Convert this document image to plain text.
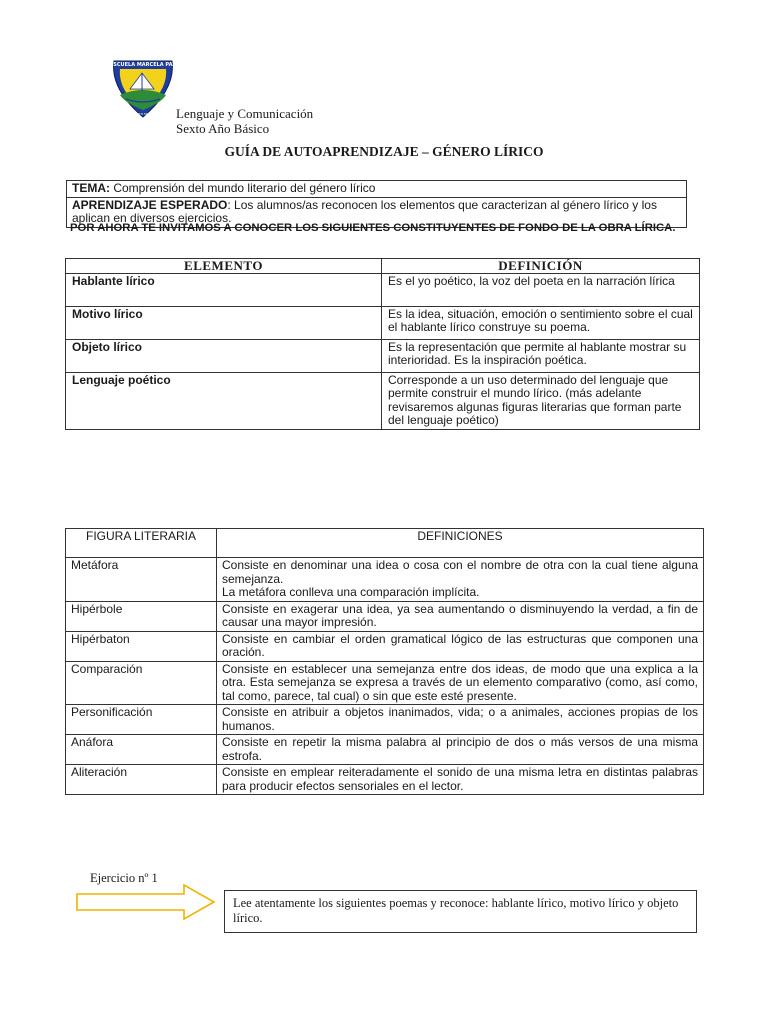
ESCUELA MARCELA PAZ
PUERTO MONTT Lenguaje y Comunicación
Sexto Año Básico
GUÍA DE AUTOAPRENDIZAJE – GÉNERO LÍRICO
TEMA: Comprensión del mundo literario del género lírico
APRENDIZAJE ESPERADO: Los alumnos/as reconocen los elementos que caracterizan al género lírico y los aplican en diversos ejercicios.
POR AHORA TE INVITAMOS A CONOCER LOS SIGUIENTES CONSTITUYENTES DE FONDO DE LA OBRA LÍRICA.
ELEMENTO	DEFINICIÓN
Hablante lírico	Es el yo poético, la voz del poeta en la narración lírica
Motivo lírico	Es la idea, situación, emoción o sentimiento sobre el cual el hablante lírico construye su poema.
Objeto lírico	Es la representación que permite al hablante mostrar su interioridad. Es la inspiración poética.
Lenguaje poético	Corresponde a un uso determinado del lenguaje que permite construir el mundo lírico. (más adelante revisaremos algunas figuras literarias que forman parte del lenguaje poético)
FIGURA LITERARIA	DEFINICIONES
Metáfora	Consiste en denominar una idea o cosa con el nombre de otra con la cual tiene alguna semejanza.
La metáfora conlleva una comparación implícita.

Hipérbole	Consiste en exagerar una idea, ya sea aumentando o disminuyendo la verdad, a fin de causar una mayor impresión.
Hipérbaton	Consiste en cambiar el orden gramatical lógico de las estructuras que componen una oración.
Comparación	Consiste en establecer una semejanza entre dos ideas, de modo que una explica a la otra. Esta semejanza se expresa a través de un elemento comparativo (como, así como, tal como, parece, tal cual) o sin que este esté presente.
Personificación	Consiste en atribuir a objetos inanimados, vida; o a animales, acciones propias de los humanos.
Anáfora	Consiste en repetir la misma palabra al principio de dos o más versos de una misma estrofa.
Aliteración	Consiste en emplear reiteradamente el sonido de una misma letra en distintas palabras para producir efectos sensoriales en el lector.
Ejercicio nº 1
Lee atentamente los siguientes poemas y reconoce: hablante lírico, motivo lírico y objeto lírico.
